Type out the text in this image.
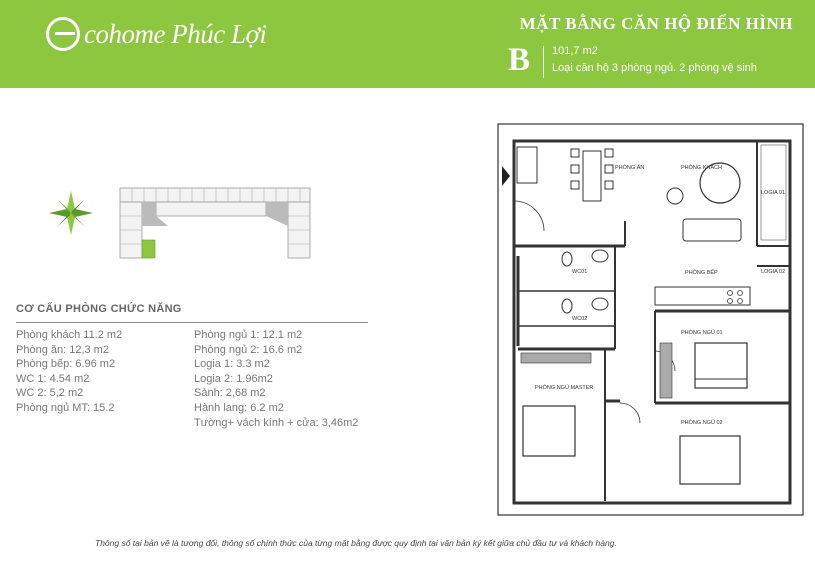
cohome Phúc Lợi	MẶT BẰNG CĂN HỘ ĐIỂN HÌNH
B 101,7 m2
Loại căn hộ 3 phòng ngủ. 2 phòng vệ sinh
CƠ CẤU PHÒNG CHỨC NĂNG
Phòng khách 11.2 m2
Phòng ăn: 12,3 m2
Phòng bếp: 6.96 m2
WC 1: 4.54 m2
WC 2: 5,2 m2
Phòng ngủ MT: 15.2
Phòng ngủ 1: 12.1 m2
Phòng ngủ 2: 16.6 m2
Logia 1: 3.3 m2
Logia 2: 1.96m2
Sảnh: 2,68 m2
Hành lang: 6.2 m2
Tường+ vách kính + cửa: 3,46m2
PHÒNG ĂN	PHÒNG KHÁCH
LOGIA 01
WC01	PHÒNG BẾP	LOGIA 02
WC02
PHÒNG NGỦ 01
PHÒNG NGỦ MASTER
PHÒNG NGỦ 02
Thông số tại bản vẽ là tương đối, thông số chính thức của từng mặt bằng được quy định tại văn bản ký kết giữa chủ đầu tư và khách hàng.
